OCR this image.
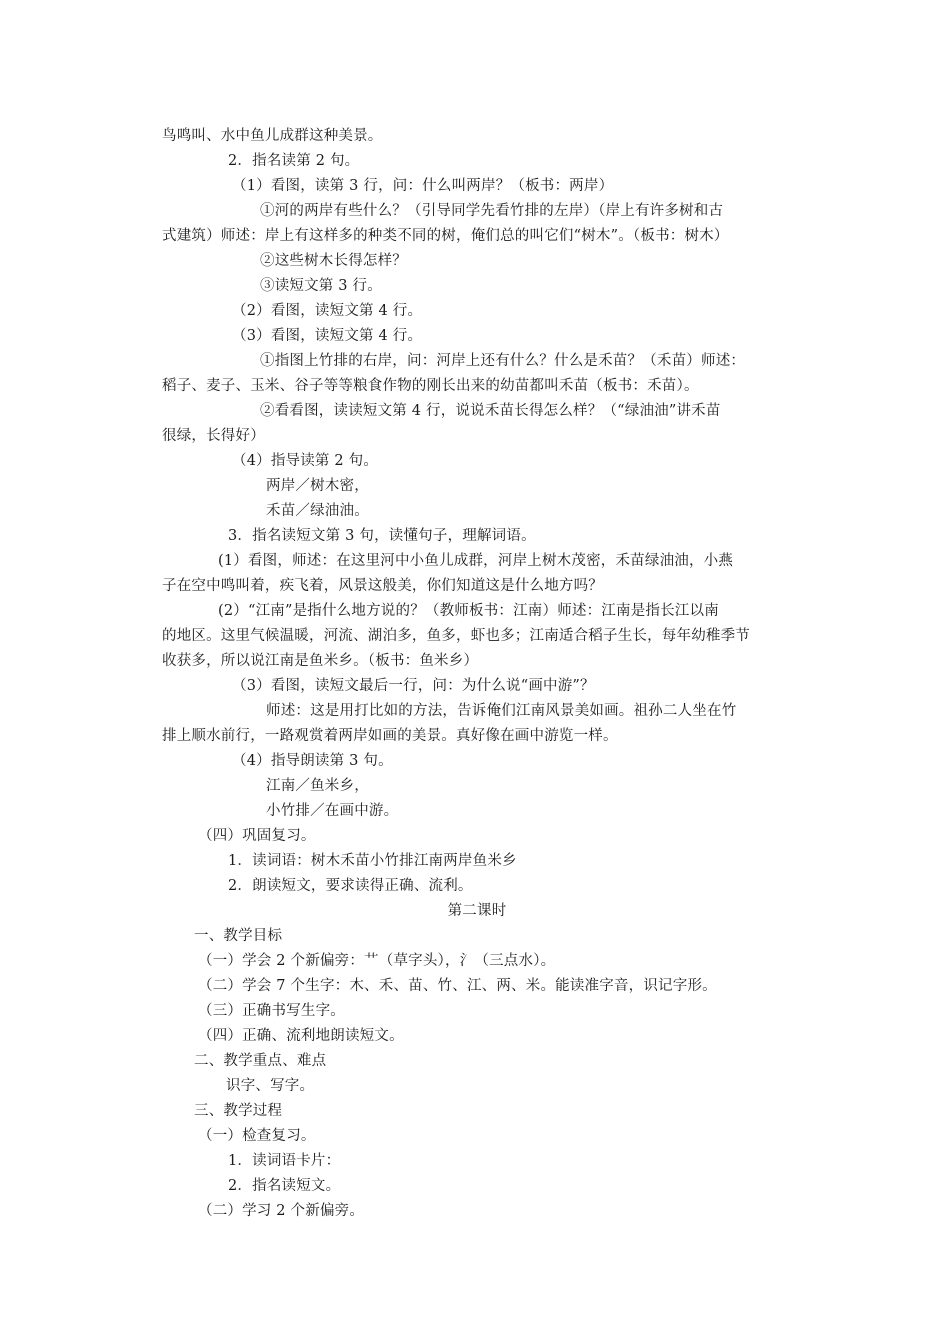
鸟鸣叫、水中鱼儿成群这种美景。
2．指名读第 2 句。
（1）看图，读第 3 行，问：什么叫两岸？（板书：两岸）
①河的两岸有些什么？（引导同学先看竹排的左岸）（岸上有许多树和古
式建筑）师述：岸上有这样多的种类不同的树，俺们总的叫它们“树木”。（板书：树木）
②这些树木长得怎样？
③读短文第 3 行。
（2）看图，读短文第 4 行。
（3）看图，读短文第 4 行。
①指图上竹排的右岸，问：河岸上还有什么？什么是禾苗？（禾苗）师述：
稻子、麦子、玉米、谷子等等粮食作物的刚长出来的幼苗都叫禾苗（板书：禾苗）。
②看看图，读读短文第 4 行，说说禾苗长得怎么样？（“绿油油”讲禾苗
很绿，长得好）
（4）指导读第 2 句。
两岸／树木密，
禾苗／绿油油。
3．指名读短文第 3 句，读懂句子，理解词语。
(1）看图，师述：在这里河中小鱼儿成群，河岸上树木茂密，禾苗绿油油，小燕
子在空中鸣叫着，疾飞着，风景这般美，你们知道这是什么地方吗？
(2）“江南”是指什么地方说的？（教师板书：江南）师述：江南是指长江以南
的地区。这里气候温暖，河流、湖泊多，鱼多，虾也多；江南适合稻子生长，每年幼稚季节
收获多，所以说江南是鱼米乡。（板书：鱼米乡）
（3）看图，读短文最后一行，问：为什么说“画中游”？
师述：这是用打比如的方法，告诉俺们江南风景美如画。祖孙二人坐在竹
排上顺水前行，一路观赏着两岸如画的美景。真好像在画中游览一样。
（4）指导朗读第 3 句。
江南／鱼米乡，
小竹排／在画中游。
（四）巩固复习。
1．读词语：树木禾苗小竹排江南两岸鱼米乡
2．朗读短文，要求读得正确、流利。
第二课时
一、教学目标
（一）学会 2 个新偏旁：艹（草字头），氵（三点水）。
（二）学会 7 个生字：木、禾、苗、竹、江、两、米。能读准字音，识记字形。
（三）正确书写生字。
（四）正确、流利地朗读短文。
二、教学重点、难点
识字、写字。
三、教学过程
（一）检查复习。
1．读词语卡片：
2．指名读短文。
（二）学习 2 个新偏旁。
